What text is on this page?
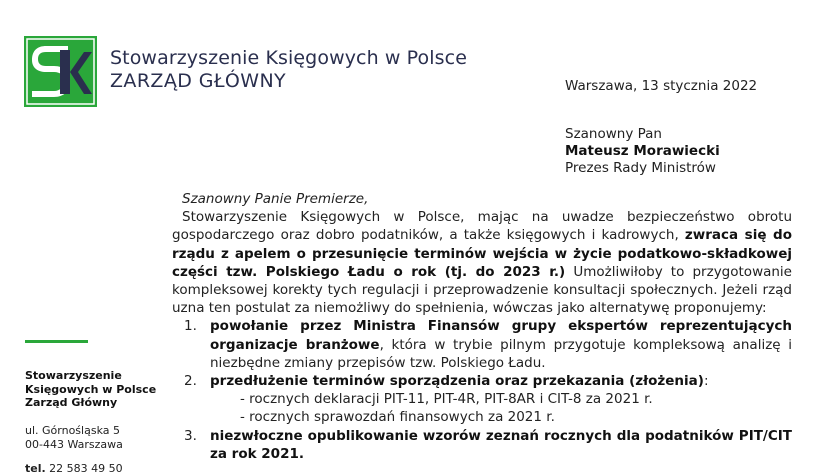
Stowarzyszenie Księgowych w Polsce
ZARZĄD GŁÓWNY	Warszawa, 13 stycznia 2022
Szanowny Pan
Mateusz Morawiecki
Prezes Rady Ministrów
Stowarzyszenie
Księgowych w Polsce
Zarząd Główny
ul. Górnośląska 5
00-443 Warszawa
tel. 22 583 49 50

Szanowny Panie Premierze,

Stowarzyszenie Księgowych w Polsce, mając na uwadze bezpieczeństwo obrotu gospodarczego oraz dobro podatników, a także księgowych i kadrowych, zwraca się do rządu z apelem o przesunięcie terminów wejścia w życie podatkowo-składkowej części tzw. Polskiego Ładu o rok (tj. do 2023 r.) Umożliwiłoby to przygotowanie kompleksowej korekty tych regulacji i przeprowadzenie konsultacji społecznych. Jeżeli rząd uzna ten postulat za niemożliwy do spełnienia, wówczas jako alternatywę proponujemy:

1. powołanie przez Ministra Finansów grupy ekspertów reprezentujących organizacje branżowe, która w trybie pilnym przygotuje kompleksową analizę i niezbędne zmiany przepisów tzw. Polskiego Ładu.
2. przedłużenie terminów sporządzenia oraz przekazania (złożenia):
- rocznych deklaracji PIT-11, PIT-4R, PIT-8AR i CIT-8 za 2021 r.
- rocznych sprawozdań finansowych za 2021 r.
3. niezwłoczne opublikowanie wzorów zeznań rocznych dla podatników PIT/CIT za rok 2021.
